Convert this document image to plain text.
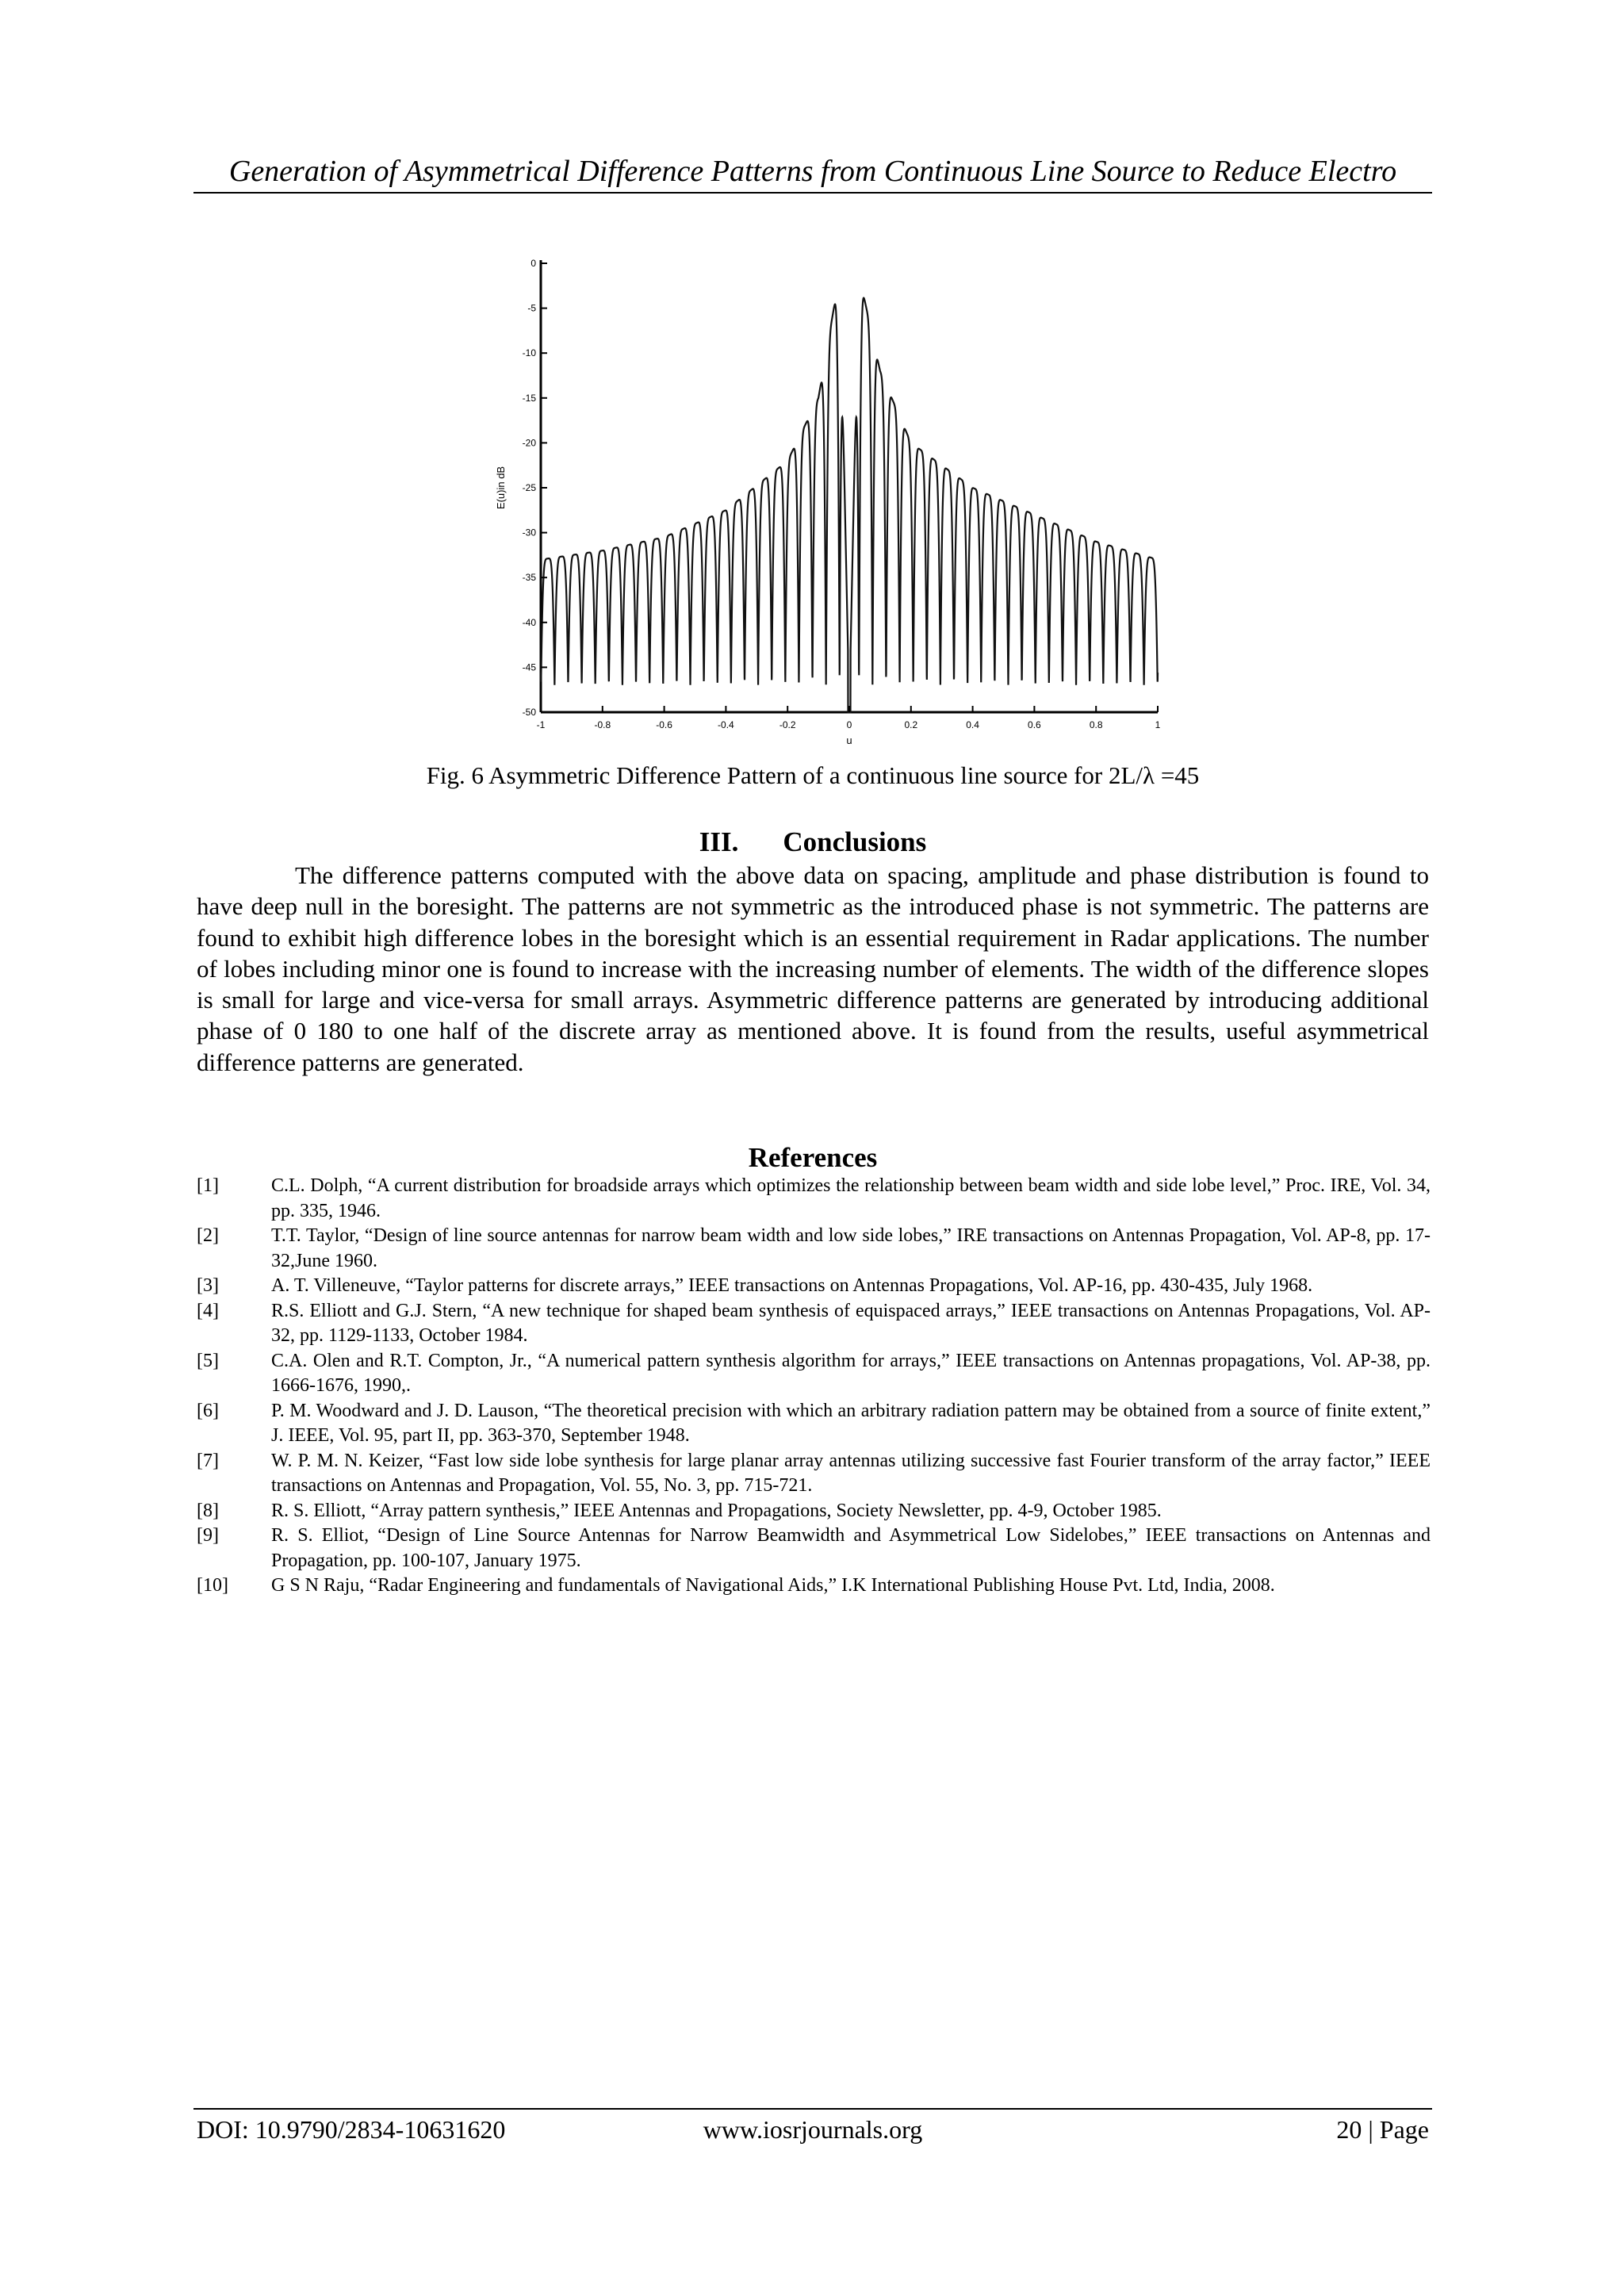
Generation of Asymmetrical Difference Patterns from Continuous Line Source to Reduce Electro
0
-5
-10
-15
-20
-25
-30
-35
-40
-45
-50
-1	-0.8	-0.6	-0.4	-0.2	0	0.2	0.4	0.6	0.8	1
E(u)in dB
u
Fig. 6 Asymmetric Difference Pattern of a continuous line source for 2L/λ =45
III. Conclusions

The difference patterns computed with the above data on spacing, amplitude and phase distribution is found to have deep null in the boresight. The patterns are not symmetric as the introduced phase is not symmetric. The patterns are found to exhibit high difference lobes in the boresight which is an essential requirement in Radar applications. The number of lobes including minor one is found to increase with the increasing number of elements. The width of the difference slopes is small for large and vice-versa for small arrays. Asymmetric difference patterns are generated by introducing additional phase of 0 180 to one half of the discrete array as mentioned above. It is found from the results, useful asymmetrical difference patterns are generated.

References
[1]	C.L. Dolph, “A current distribution for broadside arrays which optimizes the relationship between beam width and side lobe level,” Proc. IRE, Vol. 34, pp. 335, 1946.
[2]	T.T. Taylor, “Design of line source antennas for narrow beam width and low side lobes,” IRE transactions on Antennas Propagation, Vol. AP-8, pp. 17-32,June 1960.
[3]	A. T. Villeneuve, “Taylor patterns for discrete arrays,” IEEE transactions on Antennas Propagations, Vol. AP-16, pp. 430-435, July 1968.
[4]	R.S. Elliott and G.J. Stern, “A new technique for shaped beam synthesis of equispaced arrays,” IEEE transactions on Antennas Propagations, Vol. AP-32, pp. 1129-1133, October 1984.
[5]	C.A. Olen and R.T. Compton, Jr., “A numerical pattern synthesis algorithm for arrays,” IEEE transactions on Antennas propagations, Vol. AP-38, pp. 1666-1676, 1990,.
[6]	P. M. Woodward and J. D. Lauson, “The theoretical precision with which an arbitrary radiation pattern may be obtained from a source of finite extent,” J. IEEE, Vol. 95, part II, pp. 363-370, September 1948.
[7]	W. P. M. N. Keizer, “Fast low side lobe synthesis for large planar array antennas utilizing successive fast Fourier transform of the array factor,” IEEE transactions on Antennas and Propagation, Vol. 55, No. 3, pp. 715-721.
[8]	R. S. Elliott, “Array pattern synthesis,” IEEE Antennas and Propagations, Society Newsletter, pp. 4-9, October 1985.
[9]	R. S. Elliot, “Design of Line Source Antennas for Narrow Beamwidth and Asymmetrical Low Sidelobes,” IEEE transactions on Antennas and Propagation, pp. 100-107, January 1975.
[10]	G S N Raju, “Radar Engineering and fundamentals of Navigational Aids,” I.K International Publishing House Pvt. Ltd, India, 2008.
DOI: 10.9790/2834-10631620	www.iosrjournals.org	20 | Page
